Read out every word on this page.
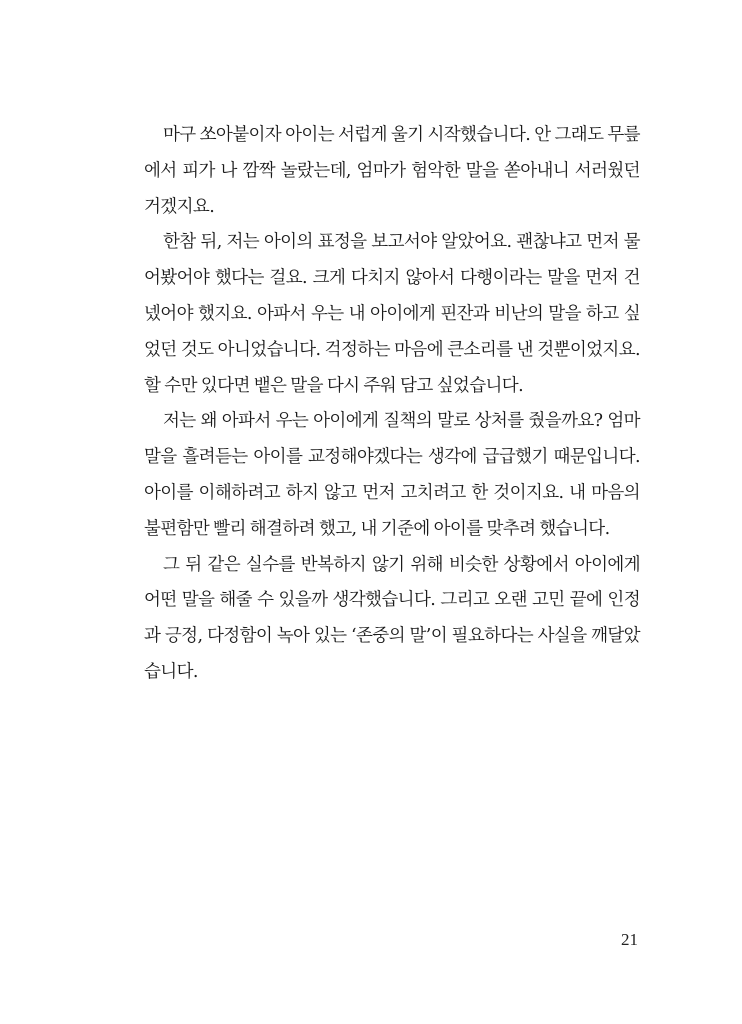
마구 쏘아붙이자 아이는 서럽게 울기 시작했습니다. 안 그래도 무릎에서 피가 나 깜짝 놀랐는데, 엄마가 험악한 말을 쏟아내니 서러웠던 거겠지요.

한참 뒤, 저는 아이의 표정을 보고서야 알았어요. 괜찮냐고 먼저 물어봤어야 했다는 걸요. 크게 다치지 않아서 다행이라는 말을 먼저 건넸어야 했지요. 아파서 우는 내 아이에게 핀잔과 비난의 말을 하고 싶었던 것도 아니었습니다. 걱정하는 마음에 큰소리를 낸 것뿐이었지요. 할 수만 있다면 뱉은 말을 다시 주워 담고 싶었습니다.

저는 왜 아파서 우는 아이에게 질책의 말로 상처를 줬을까요? 엄마 말을 흘려듣는 아이를 교정해야겠다는 생각에 급급했기 때문입니다. 아이를 이해하려고 하지 않고 먼저 고치려고 한 것이지요. 내 마음의 불편함만 빨리 해결하려 했고, 내 기준에 아이를 맞추려 했습니다.

그 뒤 같은 실수를 반복하지 않기 위해 비슷한 상황에서 아이에게 어떤 말을 해줄 수 있을까 생각했습니다. 그리고 오랜 고민 끝에 인정과 긍정, 다정함이 녹아 있는 ‘존중의 말’이 필요하다는 사실을 깨달았습니다.

21
